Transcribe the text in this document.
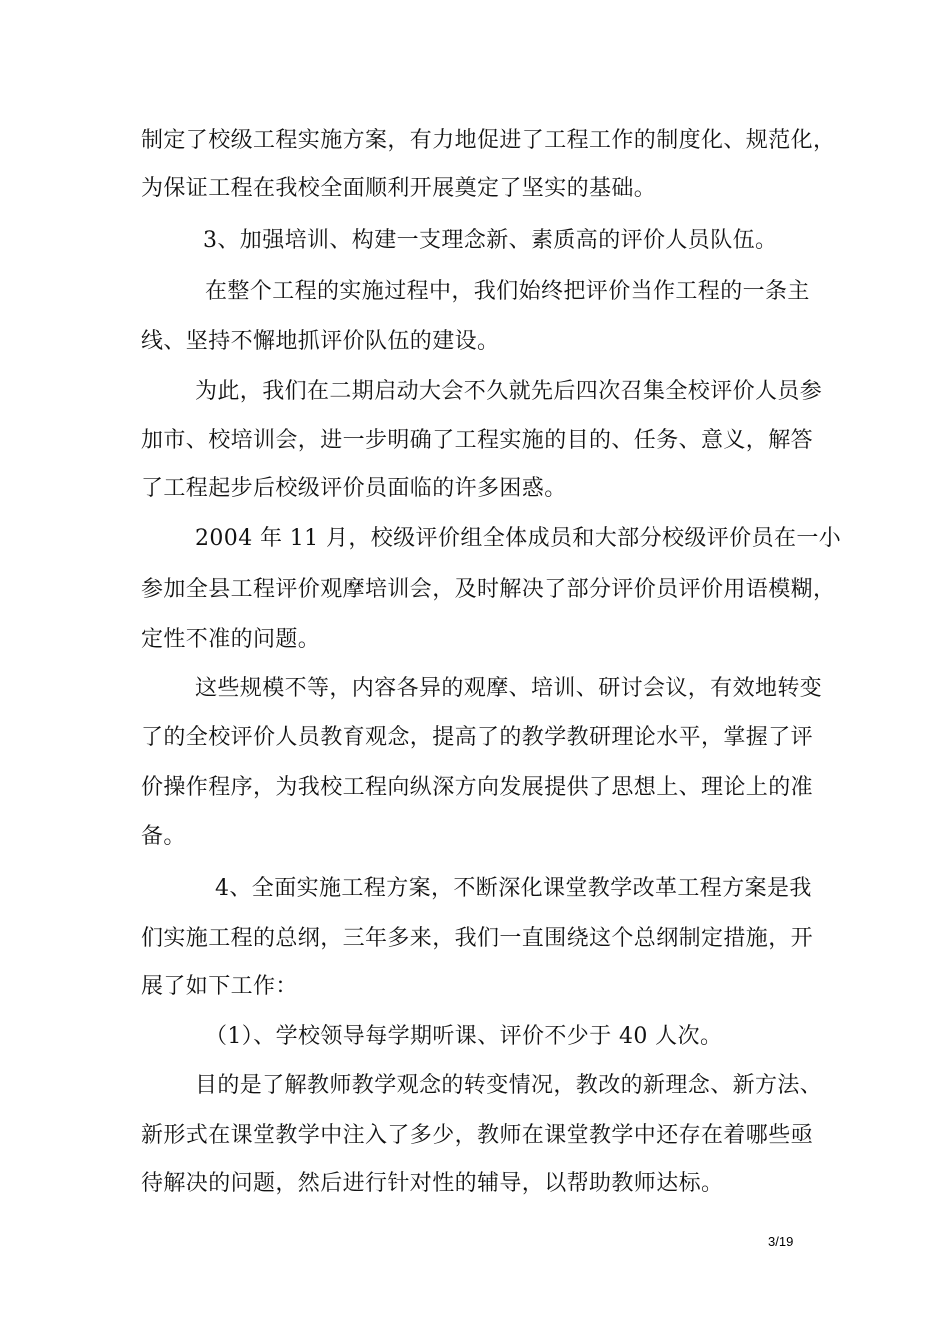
制定了校级工程实施方案，有力地促进了工程工作的制度化、规范化，
为保证工程在我校全面顺利开展奠定了坚实的基础。
3、加强培训、构建一支理念新、素质高的评价人员队伍。
在整个工程的实施过程中，我们始终把评价当作工程的一条主
线、坚持不懈地抓评价队伍的建设。
为此，我们在二期启动大会不久就先后四次召集全校评价人员参
加市、校培训会，进一步明确了工程实施的目的、任务、意义，解答
了工程起步后校级评价员面临的许多困惑。
2004 年 11 月，校级评价组全体成员和大部分校级评价员在一小
参加全县工程评价观摩培训会，及时解决了部分评价员评价用语模糊，
定性不准的问题。
这些规模不等，内容各异的观摩、培训、研讨会议，有效地转变
了的全校评价人员教育观念，提高了的教学教研理论水平，掌握了评
价操作程序，为我校工程向纵深方向发展提供了思想上、理论上的准
备。
4、全面实施工程方案，不断深化课堂教学改革工程方案是我
们实施工程的总纲，三年多来，我们一直围绕这个总纲制定措施，开
展了如下工作：
（1）、学校领导每学期听课、评价不少于 40 人次。
目的是了解教师教学观念的转变情况，教改的新理念、新方法、
新形式在课堂教学中注入了多少，教师在课堂教学中还存在着哪些亟
待解决的问题，然后进行针对性的辅导，以帮助教师达标。
3/19
